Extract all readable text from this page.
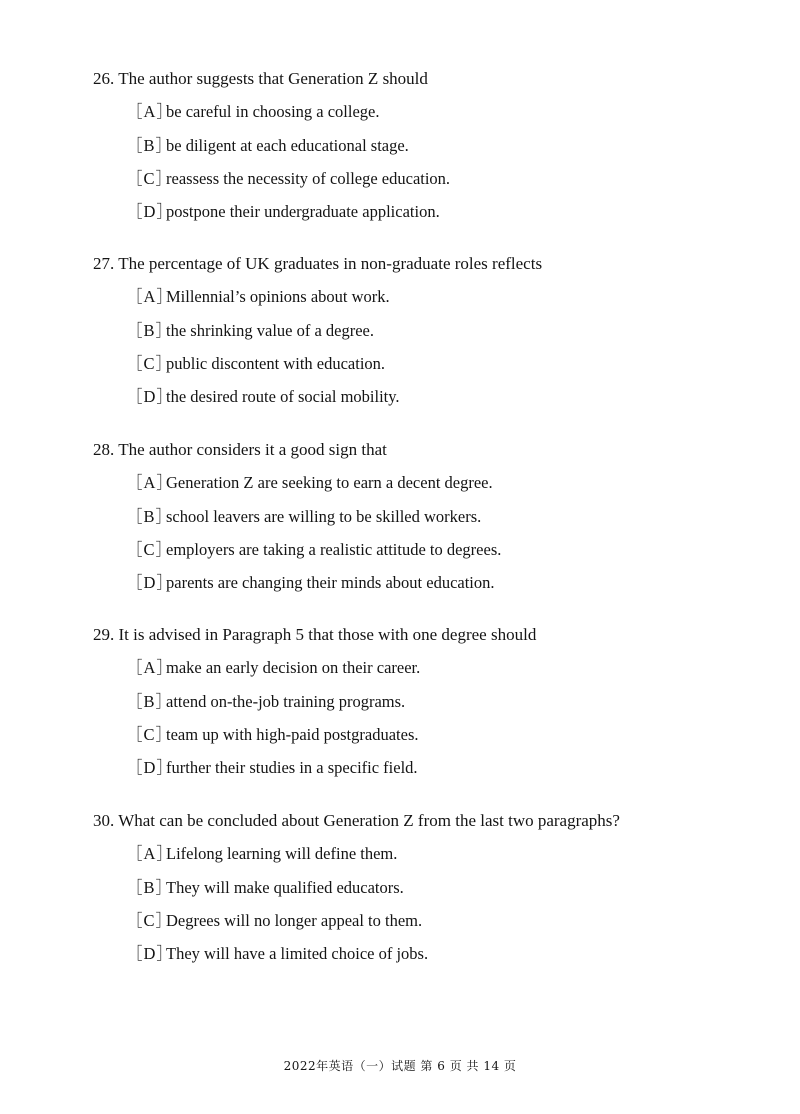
26. The author suggests that Generation Z should
［A］
be careful in choosing a college.
［B］
be diligent at each educational stage.
［C］
reassess the necessity of college education.
［D］
postpone their undergraduate application.
27. The percentage of UK graduates in non-graduate roles reflects
［A］
Millennial’s opinions about work.
［B］
the shrinking value of a degree.
［C］
public discontent with education.
［D］
the desired route of social mobility.
28. The author considers it a good sign that
［A］
Generation Z are seeking to earn a decent degree.
［B］
school leavers are willing to be skilled workers.
［C］
employers are taking a realistic attitude to degrees.
［D］
parents are changing their minds about education.
29. It is advised in Paragraph 5 that those with one degree should
［A］
make an early decision on their career.
［B］
attend on-the-job training programs.
［C］
team up with high-paid postgraduates.
［D］
further their studies in a specific field.
30. What can be concluded about Generation Z from the last two paragraphs?
［A］
Lifelong learning will define them.
［B］
They will make qualified educators.
［C］
Degrees will no longer appeal to them.
［D］
They will have a limited choice of jobs.
2022年英语（一）试题 第 6 页 共 14 页
